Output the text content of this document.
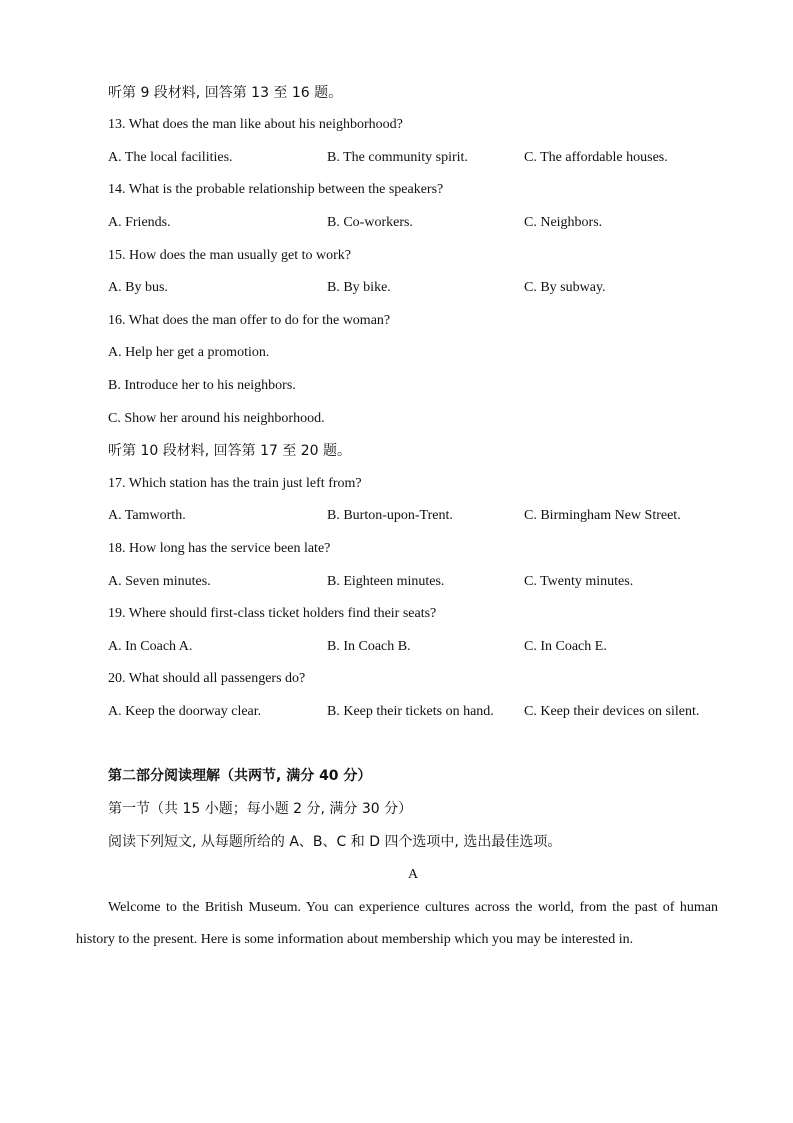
听第 9 段材料, 回答第 13 至 16 题。
13. What does the man like about his neighborhood?
A. The local facilities.	B. The community spirit.	C. The affordable houses.
14. What is the probable relationship between the speakers?
A. Friends.	B. Co-workers.	C. Neighbors.
15. How does the man usually get to work?
A. By bus.	B. By bike.	C. By subway.
16. What does the man offer to do for the woman?
A. Help her get a promotion.
B. Introduce her to his neighbors.
C. Show her around his neighborhood.
听第 10 段材料, 回答第 17 至 20 题。
17. Which station has the train just left from?
A. Tamworth.	B. Burton-upon-Trent.	C. Birmingham New Street.
18. How long has the service been late?
A. Seven minutes.	B. Eighteen minutes.	C. Twenty minutes.
19. Where should first-class ticket holders find their seats?
A. In Coach A.	B. In Coach B.	C. In Coach E.
20. What should all passengers do?
A. Keep the doorway clear.	B. Keep their tickets on hand. C. Keep their devices on silent.
第二部分阅读理解（共两节, 满分 40 分）
第一节（共 15 小题；每小题 2 分, 满分 30 分）
阅读下列短文, 从每题所给的 A、B、C 和 D 四个选项中, 选出最佳选项。
A
Welcome to the British Museum. You can experience cultures across the world, from the past of human history to the present. Here is some information about membership which you may be interested in.
